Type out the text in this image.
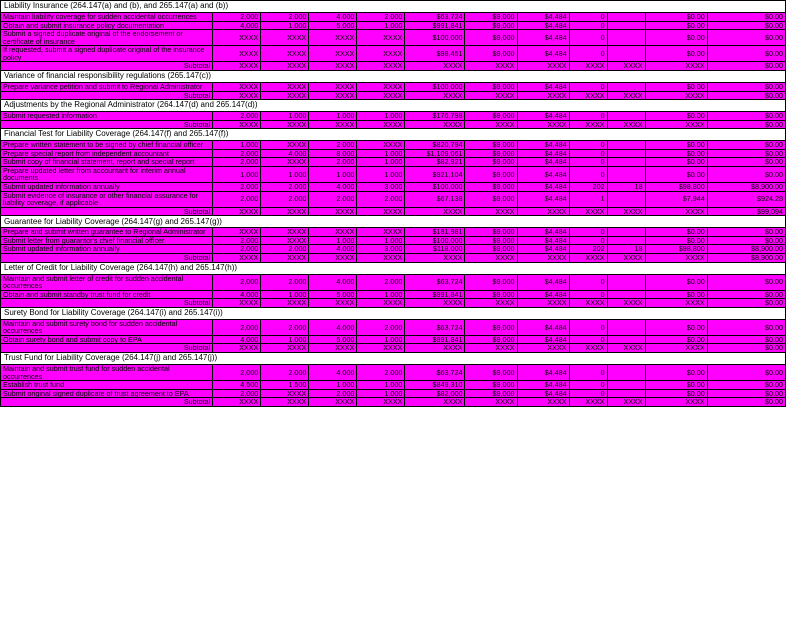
Liability Insurance (264.147(a) and (b), and 265.147(a) and (b))											
Maintain liability coverage for sudden accidental occurrences	2,000	2.000	4.000	2.000	$63,724	$9,000	$4,484	0		$0.00	$0.00
Obtain and submit insurance policy documentation	4,000	1.000	5.000	1.000	$991,841	$9,000	$4,484	0		$0.00	$0.00
Submit a signed duplicate original of the endorsement or certificate of insurance	XXXX	XXXX	XXXX	XXXX	$100,000	$9,000	$4,484	0		$0.00	$0.00
If requested, submit a signed duplicate original of the insurance policy	XXXX	XXXX	XXXX	XXXX	$98,451	$9,000	$4,484	0		$0.00	$0.00
Subtotal	XXXX	XXXX	XXXX	XXXX	XXXX	XXXX	XXXX	XXXX	XXXX	XXXX	$0.00
Variance of financial responsibility regulations (265.147(c))											
Prepare variance petition and submit to Regional Administrator	XXXX	XXXX	XXXX	XXXX	$100,000	$9,000	$4,484	0		$0.00	$0.00
Subtotal	XXXX	XXXX	XXXX	XXXX	XXXX	XXXX	XXXX	XXXX	XXXX	XXXX	$0.00
Adjustments by the Regional Administrator (264.147(d) and 265.147(d))											
Submit requested information	2,000	1.000	1.000	1.000	$176,798	$9,000	$4,484	0		$0.00	$0.00
Subtotal	XXXX	XXXX	XXXX	XXXX	XXXX	XXXX	XXXX	XXXX	XXXX	XXXX	$0.00
Financial Test for Liability Coverage (264.147(f) and 265.147(f))											
Prepare written statement to be signed by chief financial officer	1,000	XXXX	2.000	XXXX	$820,794	$9,000	$4,484	0		$0.00	$0.00
Prepare special report from independent accountant	2,000	4.000	8.000	1.000	$1,109,061	$9,000	$4,484	0		$0.00	$0.00
Submit copy of financial statement, report and special report	2,000	XXXX	2.000	1.000	$82,921	$9,000	$4,484	0		$0.00	$0.00
Prepare updated letter from accountant for interim annual documents	1,000	1.000	1.000	1.000	$921,104	$9,000	$4,484	0		$0.00	$0.00
Submit updated information annually	2,000	2.000	4.000	3.000	$100,000	$9,000	$4,484	202	18	$98,800	$8,900.00
Submit evidence of insurance or other financial assurance for liability coverage, if applicable	2,000	2.000	2.000	2.000	$67,138	$9,000	$4,484	1		$7,944	$924.28
Subtotal	XXXX	XXXX	XXXX	XXXX	XXXX	XXXX	XXXX	XXXX	XXXX	XXXX	$99,094
Guarantee for Liability Coverage (264.147(g) and 265.147(g))											
Prepare and submit written guarantee to Regional Administrator	XXXX	XXXX	XXXX	XXXX	$181,981	$9,000	$4,484	0		$0.00	$0.00
Submit letter from guarantor's chief financial officer	2,000	XXXX	1.000	1.000	$100,000	$9,000	$4,484	0		$0.00	$0.00
Submit updated information annually	2,000	2.000	4.000	3.000	$118,000	$9,000	$4,484	202	18	$98,800	$8,900.00
Subtotal	XXXX	XXXX	XXXX	XXXX	XXXX	XXXX	XXXX	XXXX	XXXX	XXXX	$8,900.00
Letter of Credit for Liability Coverage (264.147(h) and 265.147(h))											
Maintain and submit letter of credit for sudden accidental occurrences	2,000	2.000	4.000	2.000	$63,724	$9,000	$4,484	0		$0.00	$0.00
Obtain and submit standby trust fund for credit	4,000	1.000	5.000	1.000	$991,841	$9,000	$4,484	0		$0.00	$0.00
Subtotal	XXXX	XXXX	XXXX	XXXX	XXXX	XXXX	XXXX	XXXX	XXXX	XXXX	$0.00
Surety Bond for Liability Coverage (264.147(i) and 265.147(i))											
Maintain and submit surety bond for sudden accidental occurrences	2,000	2.000	4.000	2.000	$63,724	$9,000	$4,484	0		$0.00	$0.00
Obtain surety bond and submit copy to EPA	4,000	1.000	5.000	1.000	$991,841	$9,000	$4,484	0		$0.00	$0.00
Subtotal	XXXX	XXXX	XXXX	XXXX	XXXX	XXXX	XXXX	XXXX	XXXX	XXXX	$0.00
Trust Fund for Liability Coverage (264.147(j) and 265.147(j))											
Maintain and submit trust fund for sudden accidental occurrences	2,000	2.000	4.000	2.000	$63,724	$9,000	$4,484	0		$0.00	$0.00
Establish trust fund	4,500	1.500	1.000	1.000	$849,310	$9,000	$4,484	0		$0.00	$0.00
Submit original signed duplicate of trust agreement to EPA	2,000	XXXX	2.000	1.000	$82,000	$9,000	$4,484	0		$0.00	$0.00
Subtotal	XXXX	XXXX	XXXX	XXXX	XXXX	XXXX	XXXX	XXXX	XXXX	XXXX	$0.00
